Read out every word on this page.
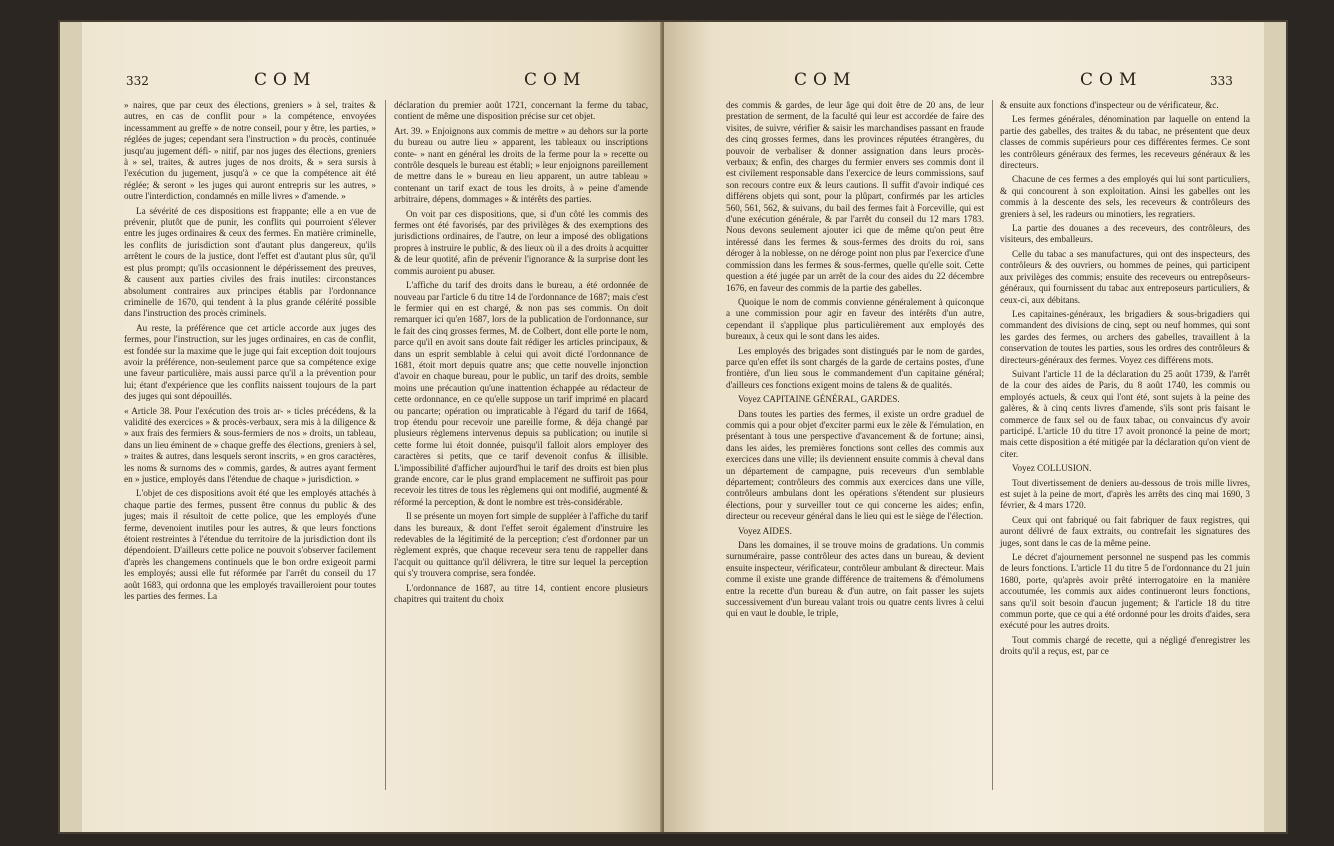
332	COM	COM

» naires, que par ceux des élections, greniers » à sel, traites & autres, en cas de conflit pour » la compétence, envoyées incessamment au greffe » de notre conseil, pour y être, les parties, » réglées de juges; cependant sera l'instruction » du procès, continuée jusqu'au jugement défi- » nitif, par nos juges des élections, greniers à » sel, traites, & autres juges de nos droits, & » sera sursis à l'exécution du jugement, jusqu'à » ce que la compétence ait été réglée; & seront » les juges qui auront entrepris sur les autres, » outre l'interdiction, condamnés en mille livres » d'amende. »

La sévérité de ces dispositions est frappante; elle a en vue de prévenir, plutôt que de punir, les conflits qui pourroient s'élever entre les juges ordinaires & ceux des fermes. En matière criminelle, les conflits de jurisdiction sont d'autant plus dangereux, qu'ils arrêtent le cours de la justice, dont l'effet est d'autant plus sûr, qu'il est plus prompt; qu'ils occasionnent le dépérissement des preuves, & causent aux parties civiles des frais inutiles: circonstances absolument contraires aux principes établis par l'ordonnance criminelle de 1670, qui tendent à la plus grande célérité possible dans l'instruction des procès criminels.

Au reste, la préférence que cet article accorde aux juges des fermes, pour l'instruction, sur les juges ordinaires, en cas de conflit, est fondée sur la maxime que le juge qui fait exception doit toujours avoir la préférence, non-seulement parce que sa compétence exige une faveur particulière, mais aussi parce qu'il a la prévention pour lui; étant d'expérience que les conflits naissent toujours de la part des juges qui sont dépouillés.

« Article 38. Pour l'exécution des trois ar- » ticles précédens, & la validité des exercices » & procès-verbaux, sera mis à la diligence & » aux frais des fermiers & sous-fermiers de nos » droits, un tableau, dans un lieu éminent de » chaque greffe des élections, greniers à sel, » traites & autres, dans lesquels seront inscrits, » en gros caractères, les noms & surnoms des » commis, gardes, & autres ayant ferment en » justice, employés dans l'étendue de chaque » jurisdiction. »

L'objet de ces dispositions avoit été que les employés attachés à chaque partie des fermes, pussent être connus du public & des juges; mais il résultoit de cette police, que les employés d'une ferme, devenoient inutiles pour les autres, & que leurs fonctions étoient restreintes à l'étendue du territoire de la jurisdiction dont ils dépendoient. D'ailleurs cette police ne pouvoit s'observer facilement d'après les changemens continuels que le bon ordre exigeoit parmi les employés; aussi elle fut réformée par l'arrêt du conseil du 17 août 1683, qui ordonna que les employés travailleroient pour toutes les parties des fermes. La

déclaration du premier août 1721, concernant la ferme du tabac, contient de même une disposition précise sur cet objet.

Art. 39. » Enjoignons aux commis de mettre » au dehors sur la porte du bureau ou autre lieu » apparent, les tableaux ou inscriptions conte- » nant en général les droits de la ferme pour la » recette ou contrôle desquels le bureau est établi; » leur enjoignons pareillement de mettre dans le » bureau en lieu apparent, un autre tableau » contenant un tarif exact de tous les droits, à » peine d'amende arbitraire, dépens, dommages » & intérêts des parties.

On voit par ces dispositions, que, si d'un côté les commis des fermes ont été favorisés, par des privilèges & des exemptions des jurisdictions ordinaires, de l'autre, on leur a imposé des obligations propres à instruire le public, & des lieux où il a des droits à acquitter & de leur quotité, afin de prévenir l'ignorance & la surprise dont les commis auroient pu abuser.

L'affiche du tarif des droits dans le bureau, a été ordonnée de nouveau par l'article 6 du titre 14 de l'ordonnance de 1687; mais c'est le fermier qui en est chargé, & non pas ses commis. On doit remarquer ici qu'en 1687, lors de la publication de l'ordonnance, sur le fait des cinq grosses fermes, M. de Colbert, dont elle porte le nom, parce qu'il en avoit sans doute fait rédiger les articles principaux, & dans un esprit semblable à celui qui avoit dicté l'ordonnance de 1681, étoit mort depuis quatre ans; que cette nouvelle injonction d'avoir en chaque bureau, pour le public, un tarif des droits, semble moins une précaution qu'une inattention échappée au rédacteur de cette ordonnance, en ce qu'elle suppose un tarif imprimé en placard ou pancarte; opération ou impraticable à l'égard du tarif de 1664, trop étendu pour recevoir une pareille forme, & déja changé par plusieurs règlemens intervenus depuis sa publication; ou inutile si cette forme lui étoit donnée, puisqu'il falloit alors employer des caractères si petits, que ce tarif devenoit confus & illisible. L'impossibilité d'afficher aujourd'hui le tarif des droits est bien plus grande encore, car le plus grand emplacement ne suffiroit pas pour recevoir les titres de tous les règlemens qui ont modifié, augmenté & réformé la perception, & dont le nombre est très-considérable.

Il se présente un moyen fort simple de suppléer à l'affiche du tarif dans les bureaux, & dont l'effet seroit également d'instruire les redevables de la légitimité de la perception; c'est d'ordonner par un règlement exprès, que chaque receveur sera tenu de rappeller dans l'acquit ou quittance qu'il délivrera, le titre sur lequel la perception qui s'y trouvera comprise, sera fondée.

L'ordonnance de 1687, au titre 14, contient encore plusieurs chapitres qui traitent du choix

COM	COM	333

des commis & gardes, de leur âge qui doit être de 20 ans, de leur prestation de serment, de la faculté qui leur est accordée de faire des visites, de suivre, vérifier & saisir les marchandises passant en fraude des cinq grosses fermes, dans les provinces réputées étrangères, du pouvoir de verbaliser & donner assignation dans leurs procès-verbaux; & enfin, des charges du fermier envers ses commis dont il est civilement responsable dans l'exercice de leurs commissions, sauf son recours contre eux & leurs cautions. Il suffit d'avoir indiqué ces différens objets qui sont, pour la plûpart, confirmés par les articles 560, 561, 562, & suivans, du bail des fermes fait à Forceville, qui est d'une exécution générale, & par l'arrêt du conseil du 12 mars 1783. Nous devons seulement ajouter ici que de même qu'on peut être intéressé dans les fermes & sous-fermes des droits du roi, sans déroger à la noblesse, on ne déroge point non plus par l'exercice d'une commission dans les fermes & sous-fermes, quelle qu'elle soit. Cette question a été jugée par un arrêt de la cour des aides du 22 décembre 1676, en faveur des commis de la partie des gabelles.

Quoique le nom de commis convienne généralement à quiconque a une commission pour agir en faveur des intérêts d'un autre, cependant il s'applique plus particulièrement aux employés des bureaux, à ceux qui le sont dans les aides.

Les employés des brigades sont distingués par le nom de gardes, parce qu'en effet ils sont chargés de la garde de certains postes, d'une frontière, d'un lieu sous le commandement d'un capitaine général; d'ailleurs ces fonctions exigent moins de talens & de qualités.

Voyez CAPITAINE GÉNÉRAL, GARDES.

Dans toutes les parties des fermes, il existe un ordre graduel de commis qui a pour objet d'exciter parmi eux le zèle & l'émulation, en présentant à tous une perspective d'avancement & de fortune; ainsi, dans les aides, les premières fonctions sont celles des commis aux exercices dans une ville; ils deviennent ensuite commis à cheval dans un département de campagne, puis receveurs d'un semblable département; contrôleurs des commis aux exercices dans une ville, contrôleurs ambulans dont les opérations s'étendent sur plusieurs élections, pour y surveiller tout ce qui concerne les aides; enfin, directeur ou receveur général dans le lieu qui est le siège de l'élection.

Voyez AIDES.

Dans les domaines, il se trouve moins de gradations. Un commis surnuméraire, passe contrôleur des actes dans un bureau, & devient ensuite inspecteur, vérificateur, contrôleur ambulant & directeur. Mais comme il existe une grande différence de traitemens & d'émolumens entre la recette d'un bureau & d'un autre, on fait passer les sujets successivement d'un bureau valant trois ou quatre cents livres à celui qui en vaut le double, le triple,

& ensuite aux fonctions d'inspecteur ou de vérificateur, &c.

Les fermes générales, dénomination par laquelle on entend la partie des gabelles, des traites & du tabac, ne présentent que deux classes de commis supérieurs pour ces différentes fermes. Ce sont les contrôleurs généraux des fermes, les receveurs généraux & les directeurs.

Chacune de ces fermes a des employés qui lui sont particuliers, & qui concourent à son exploitation. Ainsi les gabelles ont les commis à la descente des sels, les receveurs & contrôleurs des greniers à sel, les radeurs ou minotiers, les regratiers.

La partie des douanes a des receveurs, des contrôleurs, des visiteurs, des emballeurs.

Celle du tabac a ses manufactures, qui ont des inspecteurs, des contrôleurs & des ouvriers, ou hommes de peines, qui participent aux privilèges des commis; ensuite des receveurs ou entrepôseurs-généraux, qui fournissent du tabac aux entreposeurs particuliers, & ceux-ci, aux débitans.

Les capitaines-généraux, les brigadiers & sous-brigadiers qui commandent des divisions de cinq, sept ou neuf hommes, qui sont les gardes des fermes, ou archers des gabelles, travaillent à la conservation de toutes les parties, sous les ordres des contrôleurs & directeurs-généraux des fermes. Voyez ces différens mots.

Suivant l'article 11 de la déclaration du 25 août 1739, & l'arrêt de la cour des aides de Paris, du 8 août 1740, les commis ou employés actuels, & ceux qui l'ont été, sont sujets à la peine des galères, & à cinq cents livres d'amende, s'ils sont pris faisant le commerce de faux sel ou de faux tabac, ou convaincus d'y avoir participé. L'article 10 du titre 17 avoit prononcé la peine de mort; mais cette disposition a été mitigée par la déclaration qu'on vient de citer.

Voyez COLLUSION.

Tout divertissement de deniers au-dessous de trois mille livres, est sujet à la peine de mort, d'après les arrêts des cinq mai 1690, 3 février, & 4 mars 1720.

Ceux qui ont fabriqué ou fait fabriquer de faux registres, qui auront délivré de faux extraits, ou contrefait les signatures des juges, sont dans le cas de la même peine.

Le décret d'ajournement personnel ne suspend pas les commis de leurs fonctions. L'article 11 du titre 5 de l'ordonnance du 21 juin 1680, porte, qu'après avoir prêté interrogatoire en la manière accoutumée, les commis aux aides continueront leurs fonctions, sans qu'il soit besoin d'aucun jugement; & l'article 18 du titre commun porte, que ce qui a été ordonné pour les droits d'aides, sera exécuté pour les autres droits.

Tout commis chargé de recette, qui a négligé d'enregistrer les droits qu'il a reçus, est, par ce
